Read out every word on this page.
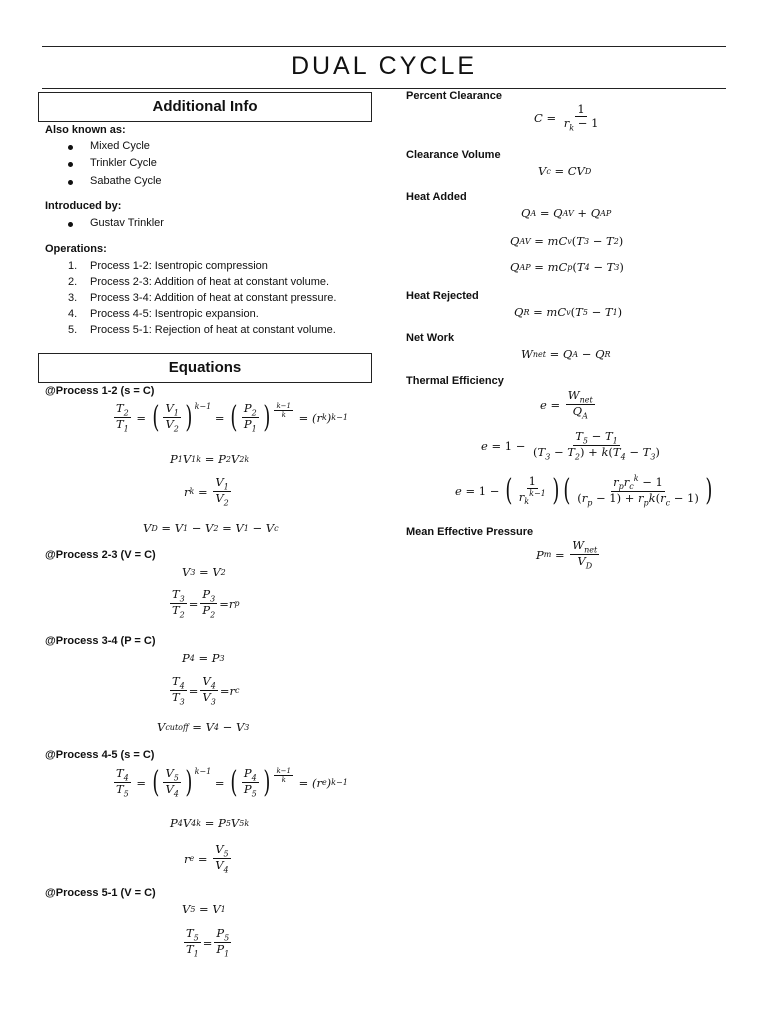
DUAL CYCLE
Additional Info
Also known as:
Mixed Cycle
Trinkler Cycle
Sabathe Cycle
Introduced by:
Gustav Trinkler
Operations:
1. Process 1-2: Isentropic compression
2. Process 2-3: Addition of heat at constant volume.
3. Process 3-4: Addition of heat at constant pressure.
4. Process 4-5: Isentropic expansion.
5. Process 5-1: Rejection of heat at constant volume.
Equations
@Process 1-2 (s = C)
$\frac{T_2}{T_1}$ = ( $\frac{V_1}{V_2}$ ) $^{k-1}$
= ( $\frac{P_2}{P_1}$ ) $^{\frac{k-1}{k}}$ = (r k ) k−1
P 1 V 1 k = P 2 V 2 k
r $k = \frac{V_1}{V_2}$
V D = V 1 − V 2 = V 1 − V c
@Process 2-3 (V = C)
V 3 = V 2
$\frac{T_3}{T_2} = \frac{P_3}{P_2} = r$ p
@Process 3-4 (P = C)
P 4 = P 3
$\frac{T_4}{T_3} = \frac{V_4}{V_3} = r$ c
V cutoff = V 4 − V 3
@Process 4-5 (s = C)
$\frac{T_4}{T_5}$ = ( $\frac{V_5}{V_4}$ ) $^{k-1}$
= ( $\frac{P_4}{P_5}$ ) $^{\frac{k-1}{k}}$ = (r e ) k−1
P 4 V 4 k = P 5 V 5 k
r $e = \frac{V_5}{V_4}$
@Process 5-1 (V = C)
V 5 = V 1
$\frac{T_5}{T_1} = \frac{P_5}{P_1}$
Percent Clearance
$C = \frac{1}{r_k - 1}$
Clearance Volume
V c = CV D
Heat Added
Q A = Q AV + Q AP
Q AV = mC v ( T 3 − T 2 )
Q AP = mC p ( T 4 − T 3 )
Heat Rejected
Q R = mC v ( T 5 − T 1 )
Net Work
W net = Q A − Q R
Thermal Efficiency
$e = \frac{W_{net}}{Q_A}$
$e = 1 - \frac{T_5 - T_1}{(T_3 - T_2) + k(T_4 - T_3)}$
e = 1 − ( $\frac{1}{r_k^{k-1}}$ ) ( $\frac{r_pr_c^k - 1}{(r_p - 1) + r_pk(r_c - 1)}$ )
Mean Effective Pressure
P $m = \frac{W_{net}}{V_D}$
